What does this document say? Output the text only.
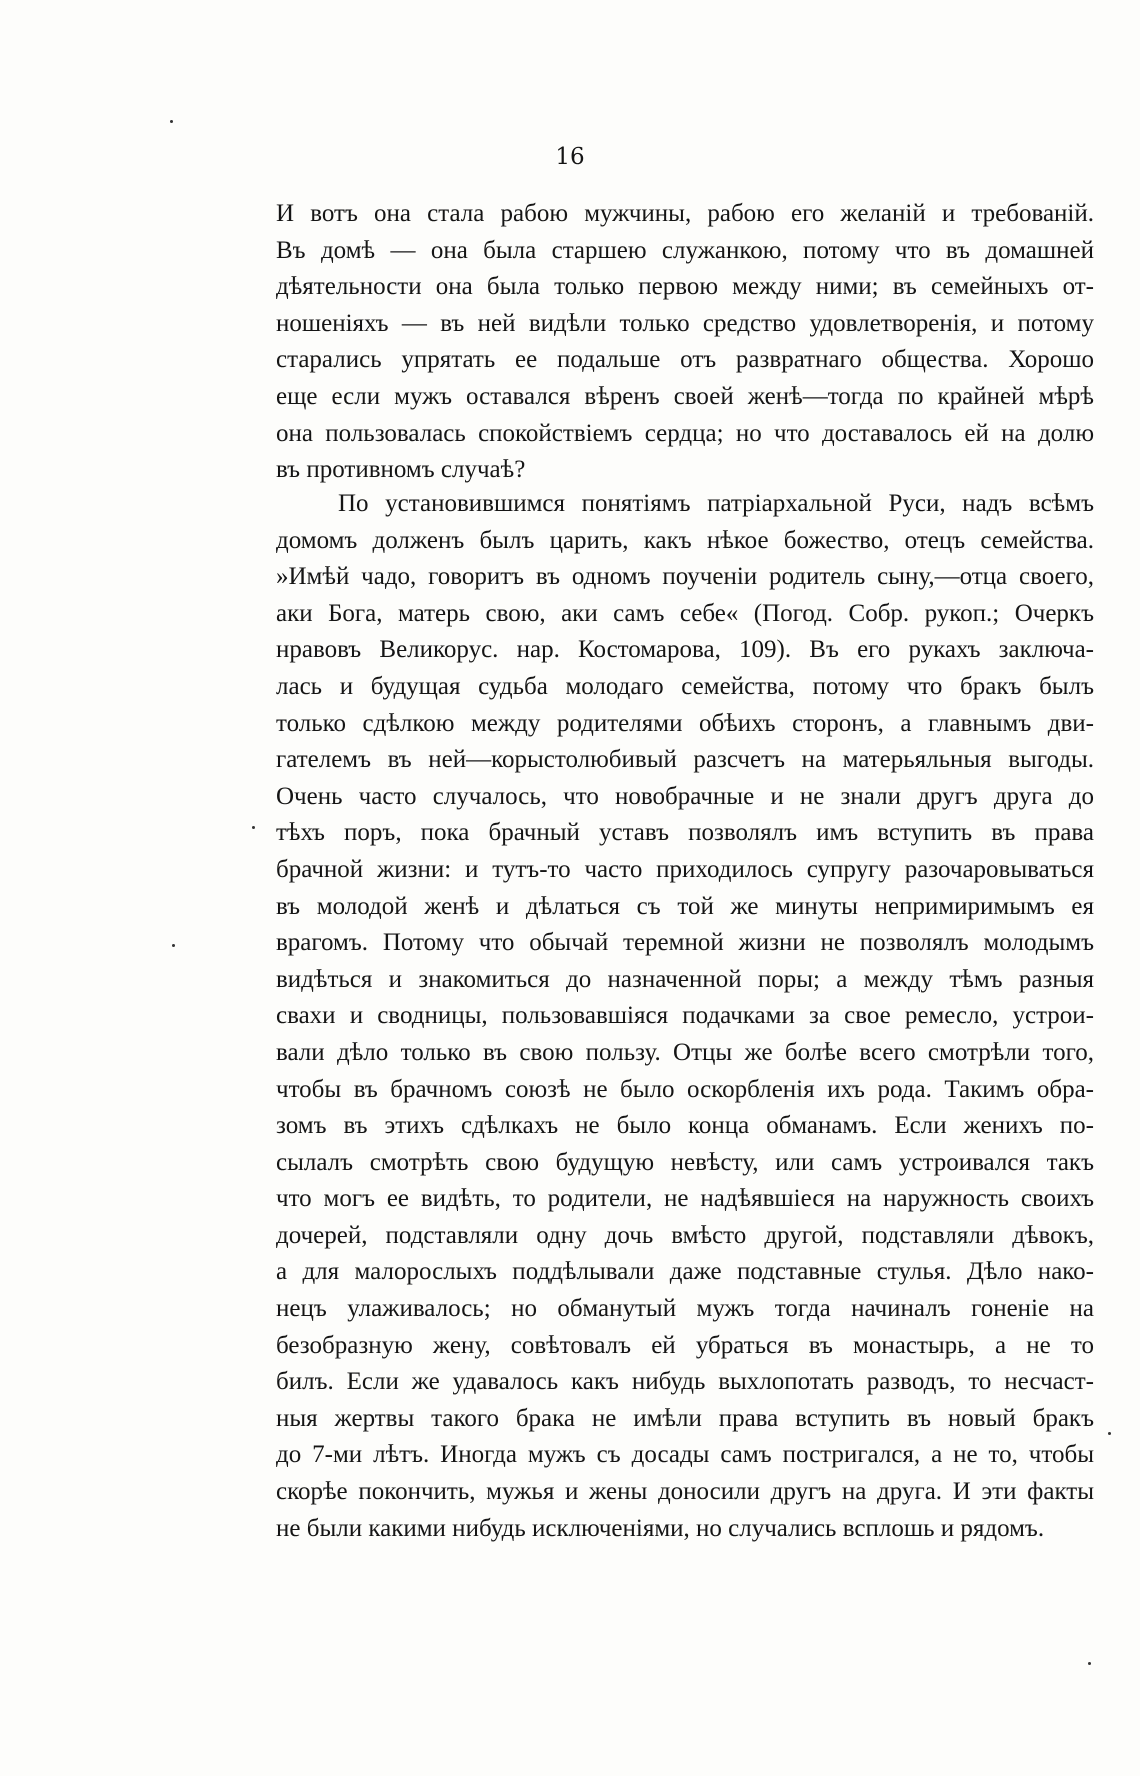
16
И вотъ она стала рабою мужчины, рабою его желаній и требованій.
Въ домѣ — она была старшею служанкою, потому что въ домашней
дѣятельности она была только первою между ними; въ семейныхъ от-
ношеніяхъ — въ ней видѣли только средство удовлетворенія, и потому
старались упрятать ее подальше отъ развратнаго общества. Хорошо
еще если мужъ оставался вѣренъ своей женѣ—тогда по крайней мѣрѣ
она пользовалась спокойствіемъ сердца; но что доставалось ей на долю
въ противномъ случаѣ?
По установившимся понятіямъ патріархальной Руси, надъ всѣмъ
домомъ долженъ былъ царить, какъ нѣкое божество, отецъ семейства.
»Имѣй чадо, говоритъ въ одномъ поученіи родитель сыну,—отца своего,
аки Бога, матерь свою, аки самъ себе« (Погод. Собр. рукоп.; Очеркъ
нравовъ Великорус. нар. Костомарова, 109). Въ его рукахъ заключа-
лась и будущая судьба молодаго семейства, потому что бракъ былъ
только сдѣлкою между родителями обѣихъ сторонъ, а главнымъ дви-
гателемъ въ ней—корыстолюбивый разсчетъ на матерьяльныя выгоды.
Очень часто случалось, что новобрачные и не знали другъ друга до
тѣхъ поръ, пока брачный уставъ позволялъ имъ вступить въ права
брачной жизни: и тутъ-то часто приходилось супругу разочаровываться
въ молодой женѣ и дѣлаться съ той же минуты непримиримымъ ея
врагомъ. Потому что обычай теремной жизни не позволялъ молодымъ
видѣться и знакомиться до назначенной поры; а между тѣмъ разныя
свахи и сводницы, пользовавшіяся подачками за свое ремесло, устрои-
вали дѣло только въ свою пользу. Отцы же болѣе всего смотрѣли того,
чтобы въ брачномъ союзѣ не было оскорбленія ихъ рода. Такимъ обра-
зомъ въ этихъ сдѣлкахъ не было конца обманамъ. Если женихъ по-
сылалъ смотрѣть свою будущую невѣсту, или самъ устроивался такъ
что могъ ее видѣть, то родители, не надѣявшіеся на наружность своихъ
дочерей, подставляли одну дочь вмѣсто другой, подставляли дѣвокъ,
а для малорослыхъ поддѣлывали даже подставные стулья. Дѣло нако-
нецъ улаживалось; но обманутый мужъ тогда начиналъ гоненіе на
безобразную жену, совѣтовалъ ей убраться въ монастырь, а не то
билъ. Если же удавалось какъ нибудь выхлопотать разводъ, то несчаст-
ныя жертвы такого брака не имѣли права вступить въ новый бракъ
до 7-ми лѣтъ. Иногда мужъ съ досады самъ постригался, а не то, чтобы
скорѣе покончить, мужья и жены доносили другъ на друга. И эти факты
не были какими нибудь исключеніями, но случались всплошь и рядомъ.
